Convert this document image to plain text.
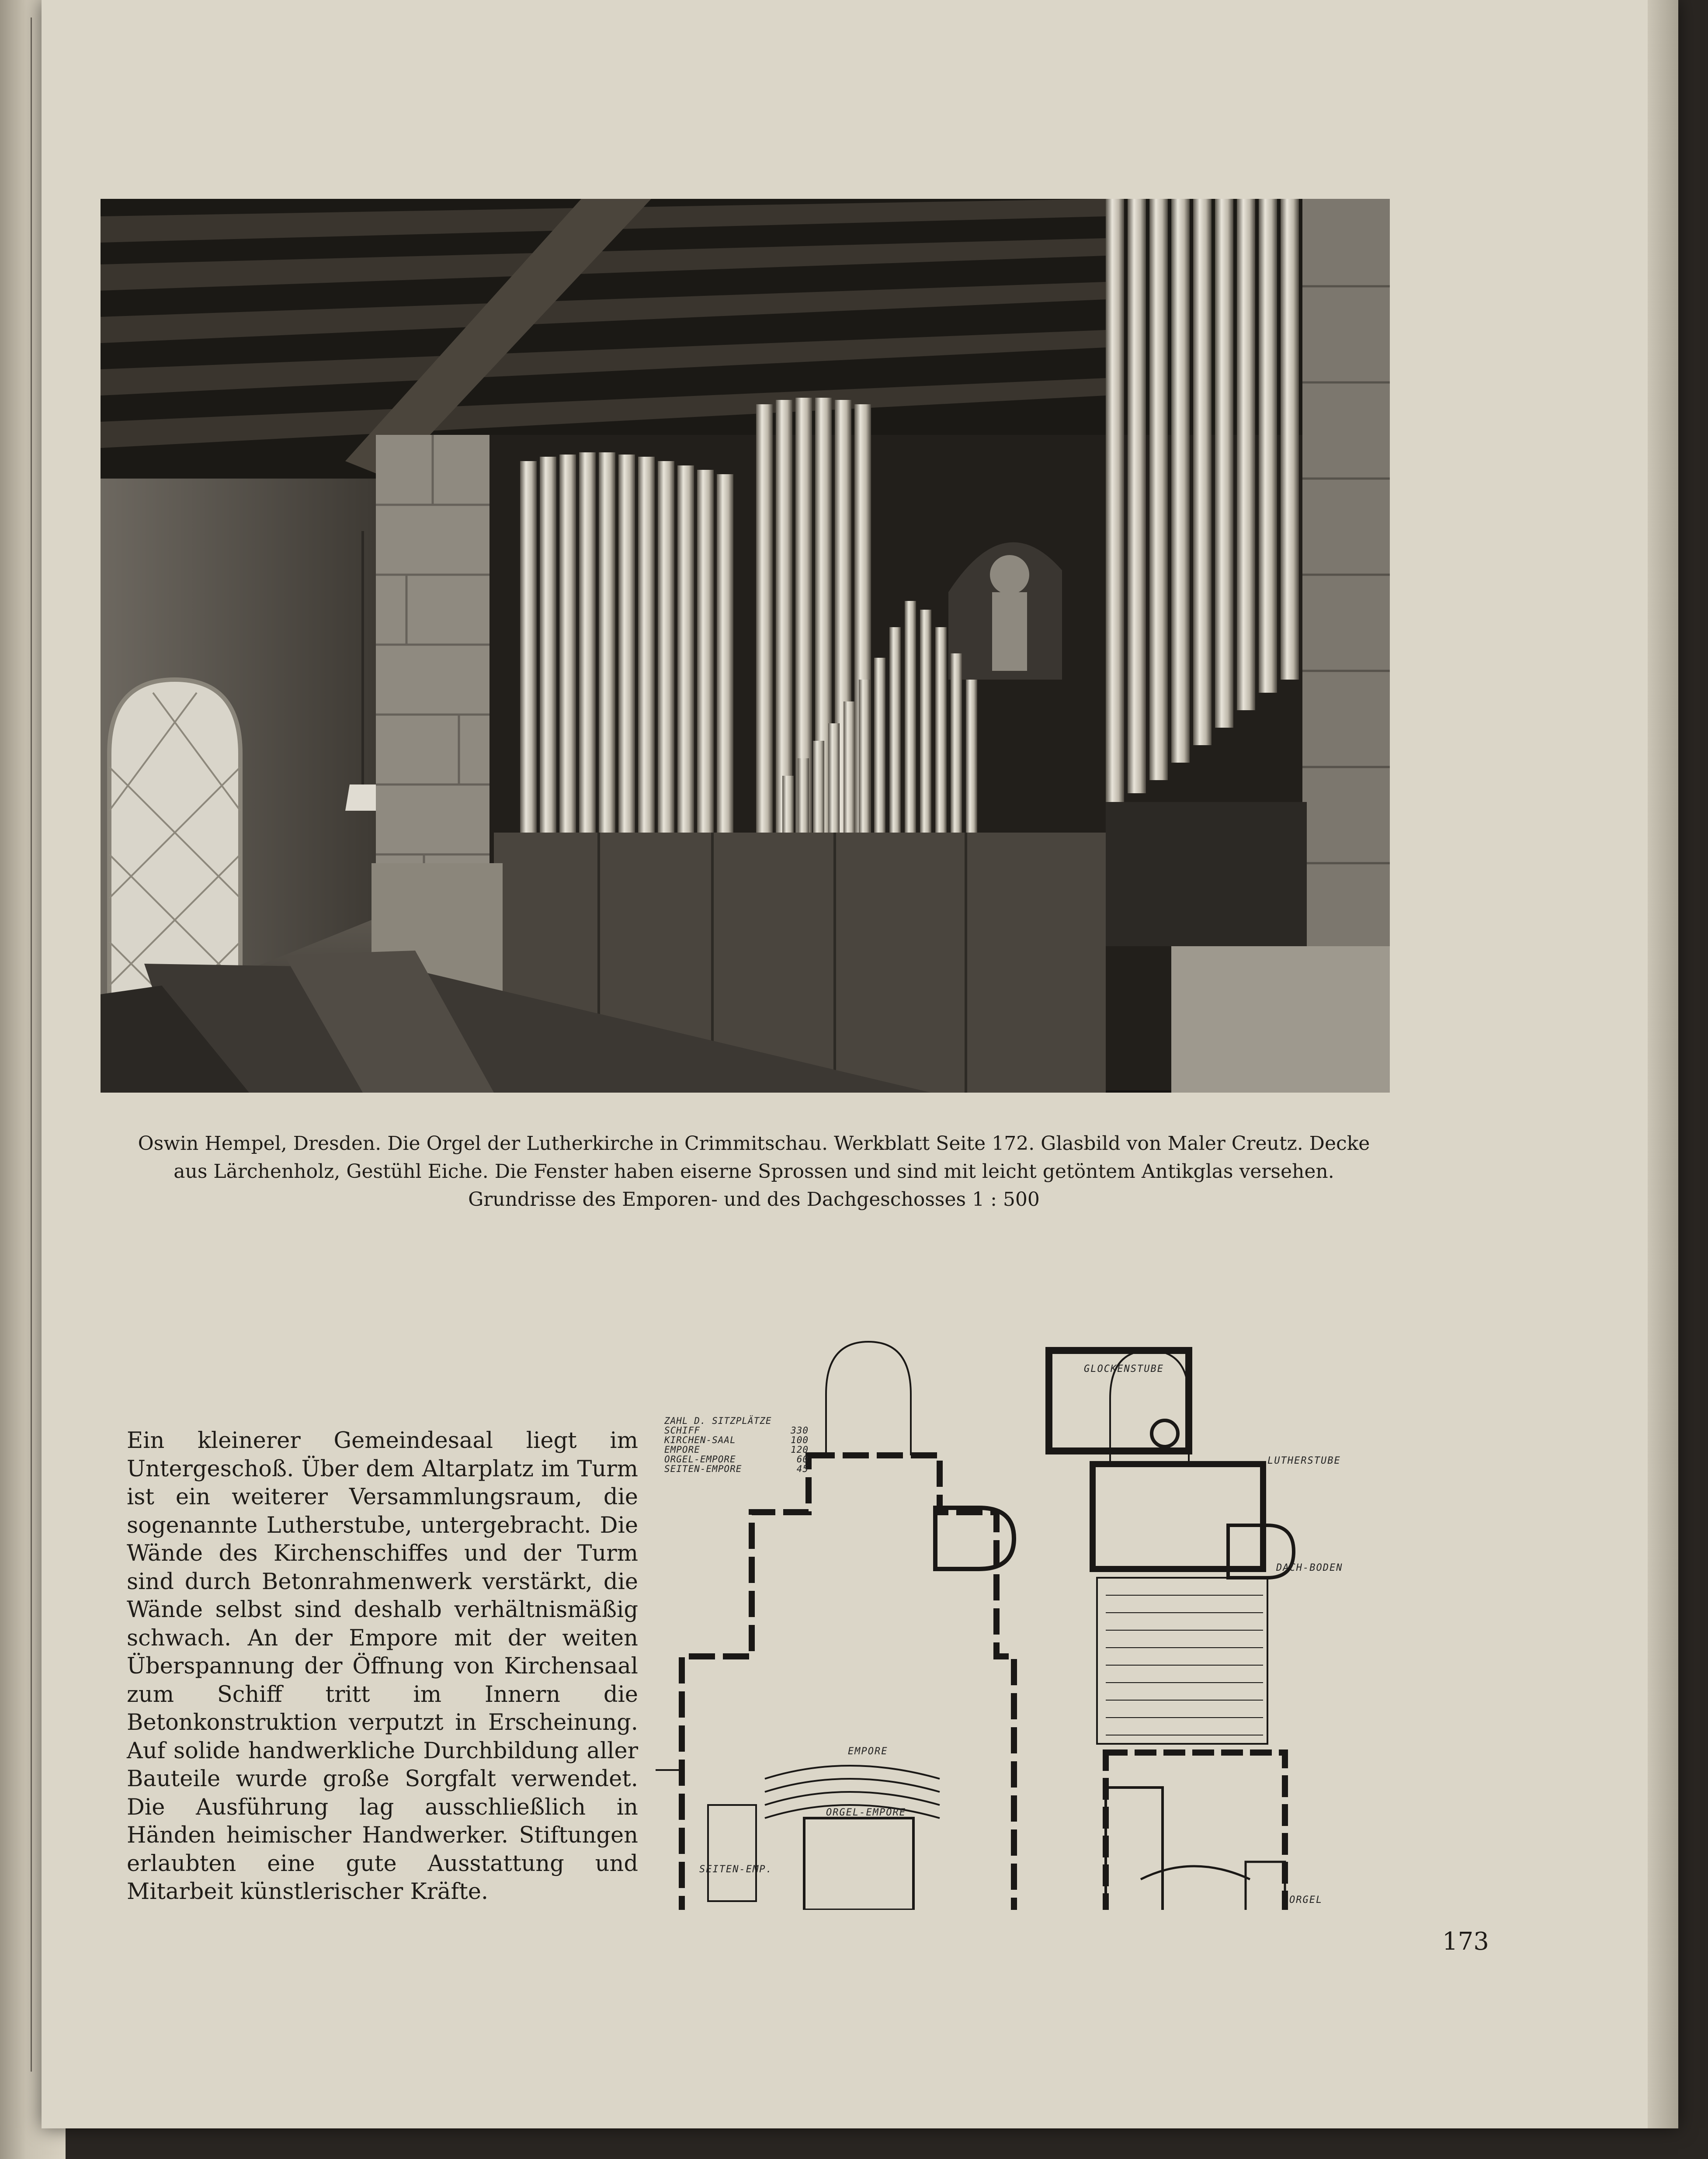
Oswin Hempel, Dresden. Die Orgel der Lutherkirche in Crimmitschau. Werkblatt Seite 172. Glasbild von Maler Creutz. Decke aus Lärchenholz, Gestühl Eiche. Die Fenster haben eiserne Sprossen und sind mit leicht getöntem Antikglas versehen. Grundrisse des Emporen- und des Dachgeschosses 1 : 500
Ein kleinerer Gemeindesaal liegt im Untergeschoß. Über dem Altarplatz im Turm ist ein weiterer Versammlungsraum, die sogenannte Lutherstube, untergebracht. Die Wände des Kirchenschiffes und der Turm sind durch Betonrahmenwerk verstärkt, die Wände selbst sind deshalb verhältnismäßig schwach. An der Empore mit der weiten Überspannung der Öffnung von Kirchensaal zum Schiff tritt im Innern die Betonkonstruktion verputzt in Erscheinung. Auf solide handwerkliche Durchbildung aller Bauteile wurde große Sorgfalt verwendet. Die Ausführung lag ausschließlich in Händen heimischer Handwerker. Stiftungen erlaubten eine gute Ausstattung und Mitarbeit künstlerischer Kräfte.
ZAHL D. SITZPLÄTZE
SCHIFF	330
KIRCHEN-SAAL	100
EMPORE	120
ORGEL-EMPORE	60
SEITEN-EMPORE	45
GLOCKENSTUBE
LUTHERSTUBE
DACH-BODEN
EMPORE
ORGEL-EMPORE
SEITEN-EMP.
ORGEL
173
